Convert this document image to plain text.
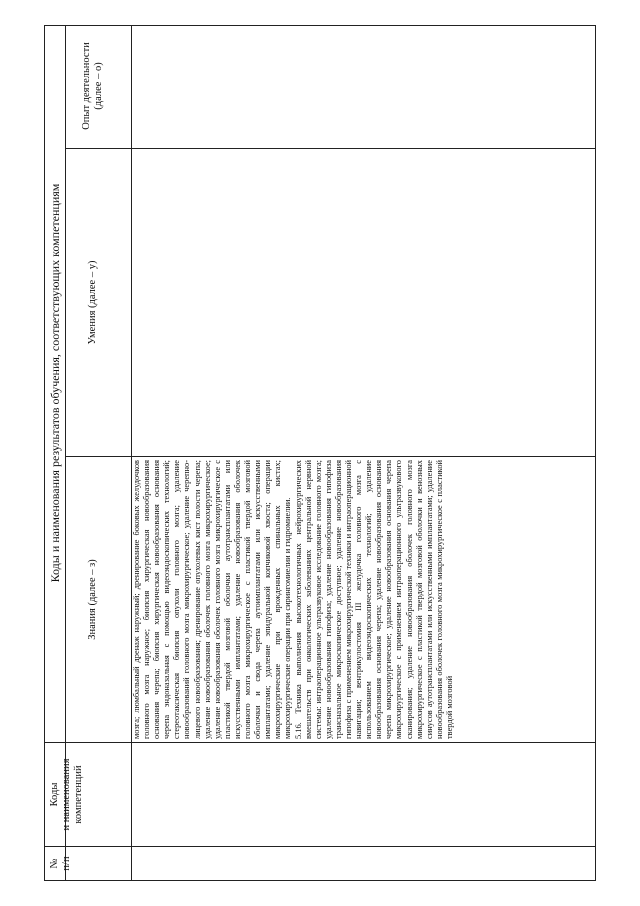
Коды и наименования результатов обучения, соответствующих компетенциям
№
п/п
Коды
и наименования
компетенций
Знания (далее – з)
Умения (далее – у)
Опыт деятельности
(далее – о)
мозга; люмбальный дренаж наружный; дренирование боковых желудочков головного мозга наружное; биопсия хирургическая новообразования основания черепа; биопсия хирургическая новообразования основания черепа эндоназальная с помощью видеоэндоскопических технологий; стереотаксическая биопсия опухоли головного мозга; удаление новообразований головного мозга микрохирургическое; удаление черепно-лицевого новообразования; дренирование опухолевых кист полости черепа; удаление новообразования оболочек головного мозга микрохирургическое; удаление новообразования оболочек головного мозга микрохирургическое с пластикой твердой мозговой оболочки аутотрансплантатами или искусственными имплантатами; удаление новообразования оболочек головного мозга микрохирургическое с пластикой твердой мозговой оболочки и свода черепа аутоимплантатами или искусственными имплантатами; удаление эпидуральной копчиковой хвоста; операции микрохирургические при врожденных спинальных кистах; микрохирургические операции при сирингомиелии и гидромиелии.
5.16. Техника выполнения высокотехнологичных нейрохирургических вмешательств при онкологических заболеваниях центральной нервной системы: интраоперационное ультразвуковое исследование головного мозга; удаление новообразования гипофиза; удаление новообразования гипофиза трансназальное микроскопическое доступное; удаление новообразования гипофиза с применением микрохирургической техники и интраоперационной навигации; вентрикулостомия III желудочка головного мозга с использованием видеоэндоскопических технологий; удаление новообразования основания черепа; удаление новообразования основания черепа микрохирургическое; удаление новообразования основания черепа микрохирургическое с применением интраоперационного ультразвукового сканирования; удаление новообразования оболочек головного мозга микрохирургическое с пластикой твердой мозговой оболочки и венозных синусов аутотрансплантатами или искусственными имплантатами; удаление новообразования оболочек головного мозга микрохирургическое с пластикой твердой мозговой
